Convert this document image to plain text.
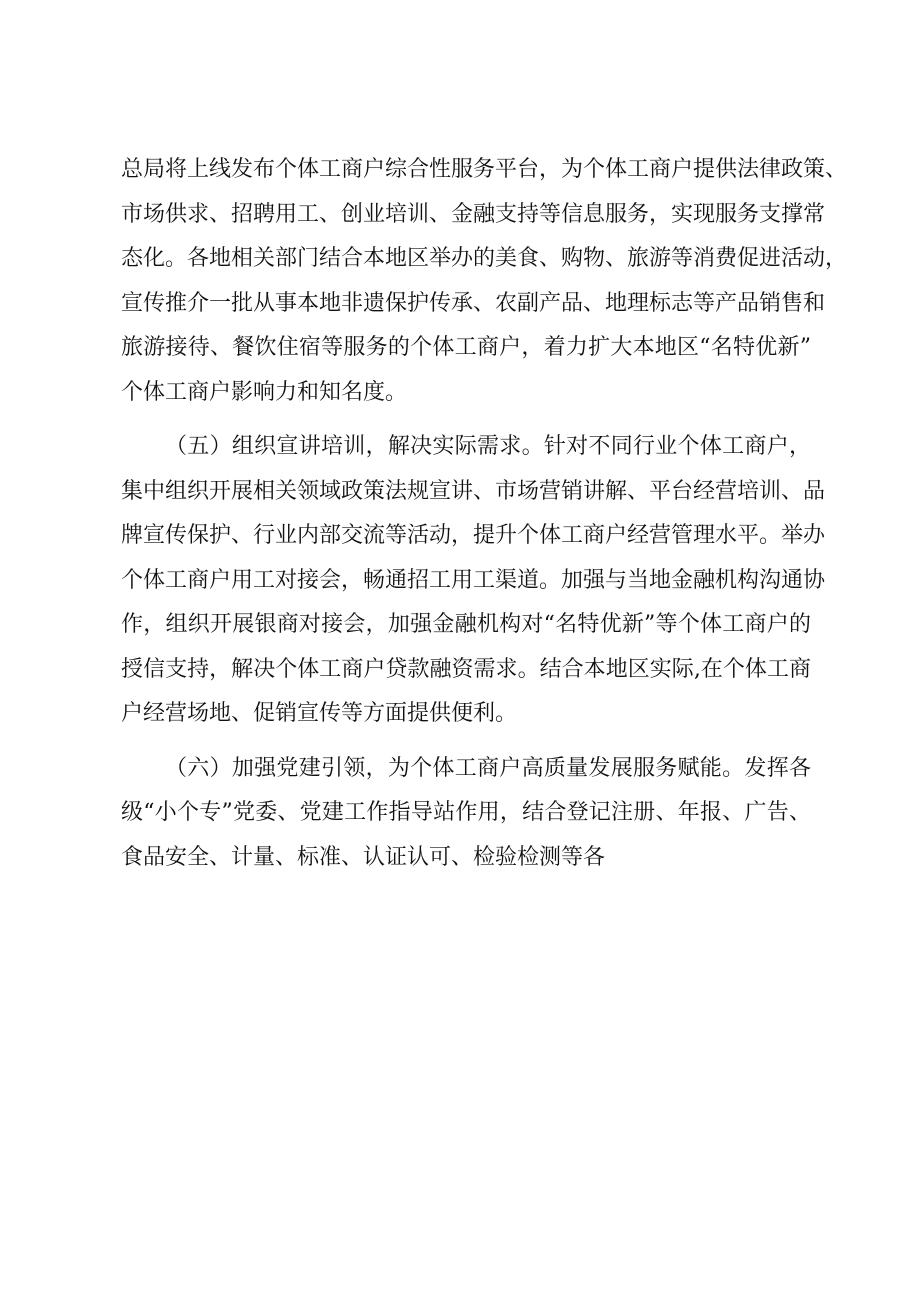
总局将上线发布个体工商户综合性服务平台，为个体工商户提供法律政策、
市场供求、招聘用工、创业培训、金融支持等信息服务，实现服务支撑常
态化。各地相关部门结合本地区举办的美食、购物、旅游等消费促进活动，
宣传推介一批从事本地非遗保护传承、农副产品、地理标志等产品销售和
旅游接待、餐饮住宿等服务的个体工商户，着力扩大本地区“名特优新”
个体工商户影响力和知名度。
（五）组织宣讲培训，解决实际需求。针对不同行业个体工商户，
集中组织开展相关领域政策法规宣讲、市场营销讲解、平台经营培训、品
牌宣传保护、行业内部交流等活动，提升个体工商户经营管理水平。举办
个体工商户用工对接会，畅通招工用工渠道。加强与当地金融机构沟通协
作，组织开展银商对接会，加强金融机构对“名特优新”等个体工商户的
授信支持，解决个体工商户贷款融资需求。结合本地区实际,在个体工商
户经营场地、促销宣传等方面提供便利。
（六）加强党建引领，为个体工商户高质量发展服务赋能。发挥各
级“小个专”党委、党建工作指导站作用，结合登记注册、年报、广告、
食品安全、计量、标准、认证认可、检验检测等各
